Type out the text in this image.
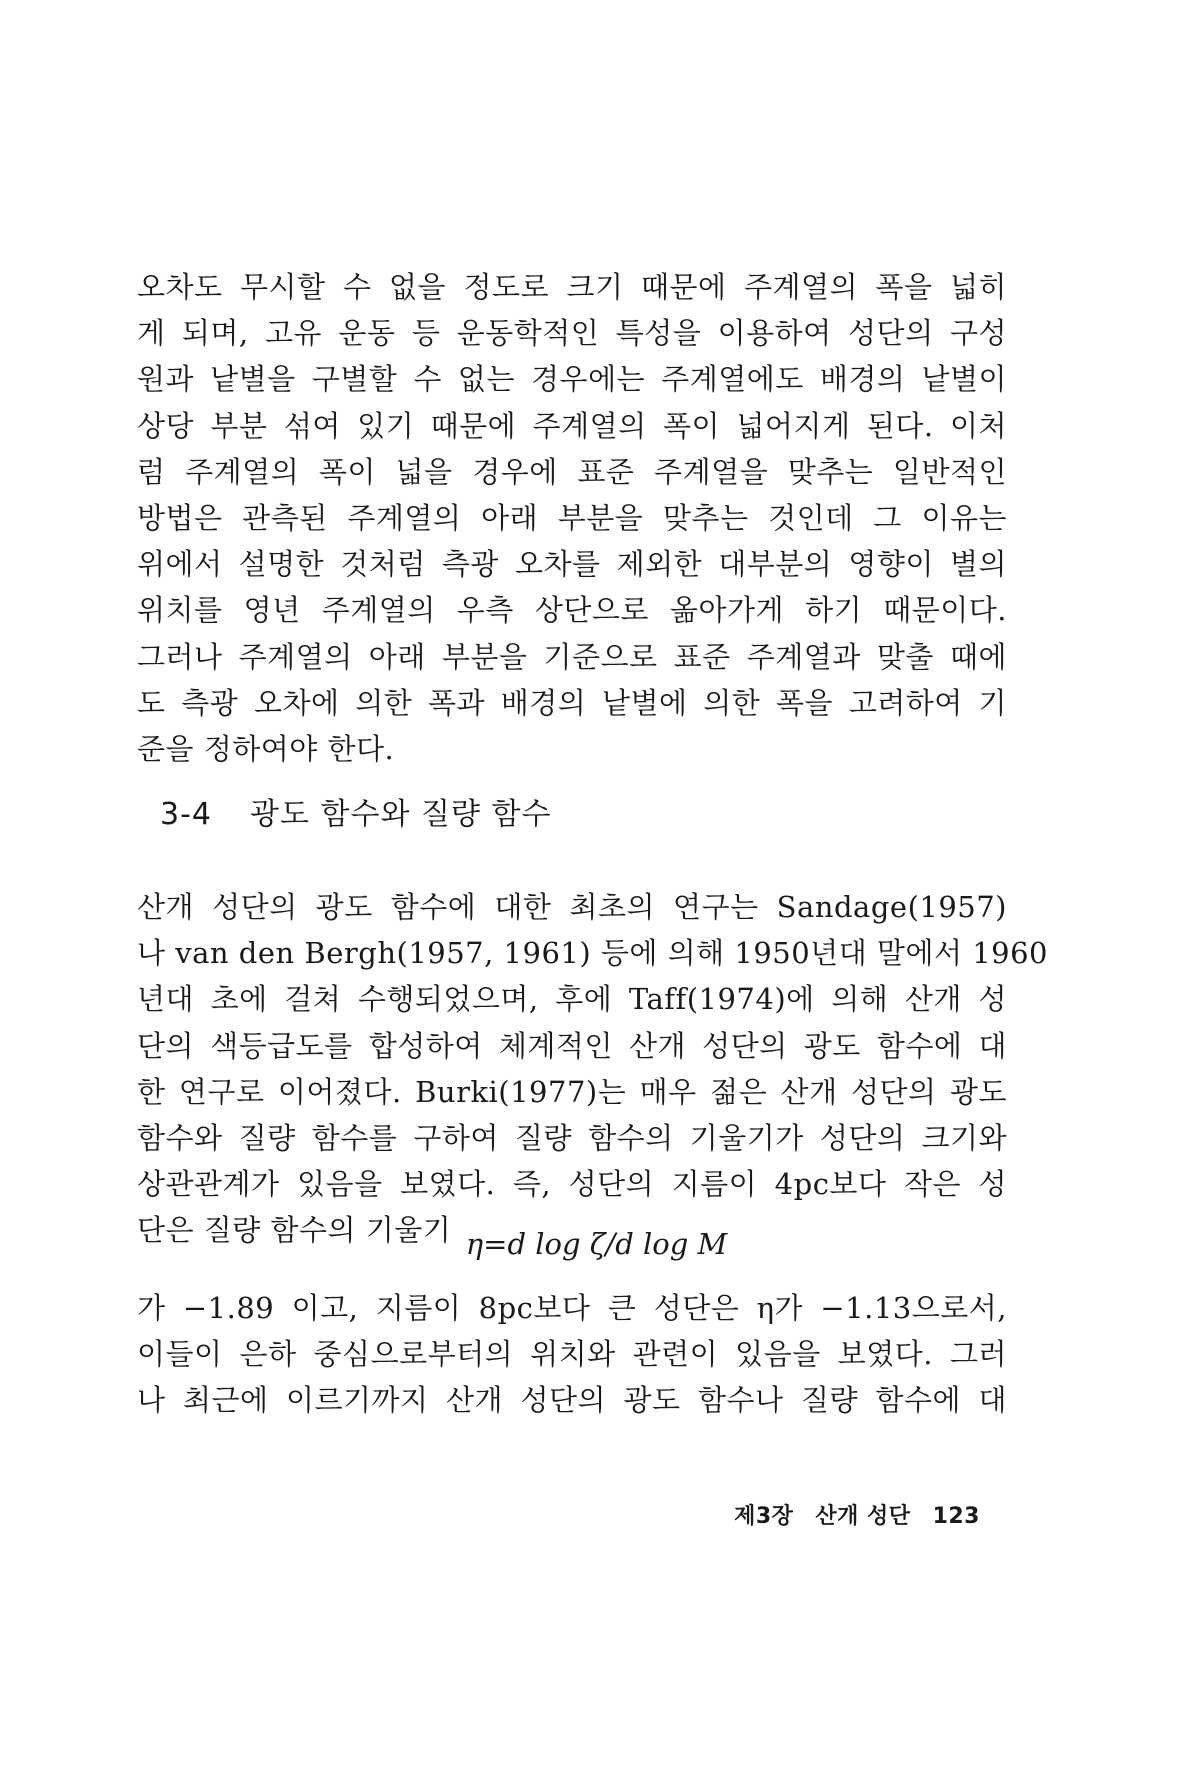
오차도 무시할 수 없을 정도로 크기 때문에 주계열의 폭을 넓히
게 되며, 고유 운동 등 운동학적인 특성을 이용하여 성단의 구성
원과 낱별을 구별할 수 없는 경우에는 주계열에도 배경의 낱별이
상당 부분 섞여 있기 때문에 주계열의 폭이 넓어지게 된다. 이처
럼 주계열의 폭이 넓을 경우에 표준 주계열을 맞추는 일반적인
방법은 관측된 주계열의 아래 부분을 맞추는 것인데 그 이유는
위에서 설명한 것처럼 측광 오차를 제외한 대부분의 영향이 별의
위치를 영년 주계열의 우측 상단으로 옮아가게 하기 때문이다.
그러나 주계열의 아래 부분을 기준으로 표준 주계열과 맞출 때에
도 측광 오차에 의한 폭과 배경의 낱별에 의한 폭을 고려하여 기
준을 정하여야 한다.
3-4 광도 함수와 질량 함수
산개 성단의 광도 함수에 대한 최초의 연구는 Sandage(1957)
나 van den Bergh(1957, 1961) 등에 의해 1950년대 말에서 1960
년대 초에 걸쳐 수행되었으며, 후에 Taff(1974)에 의해 산개 성
단의 색등급도를 합성하여 체계적인 산개 성단의 광도 함수에 대
한 연구로 이어졌다. Burki(1977)는 매우 젊은 산개 성단의 광도
함수와 질량 함수를 구하여 질량 함수의 기울기가 성단의 크기와
상관관계가 있음을 보였다. 즉, 성단의 지름이 4pc보다 작은 성
단은 질량 함수의 기울기 η=d log ζ/d log M
가 −1.89 이고, 지름이 8pc보다 큰 성단은 η가 −1.13으로서,
이들이 은하 중심으로부터의 위치와 관련이 있음을 보였다. 그러
나 최근에 이르기까지 산개 성단의 광도 함수나 질량 함수에 대
제3장 산개 성단 123
